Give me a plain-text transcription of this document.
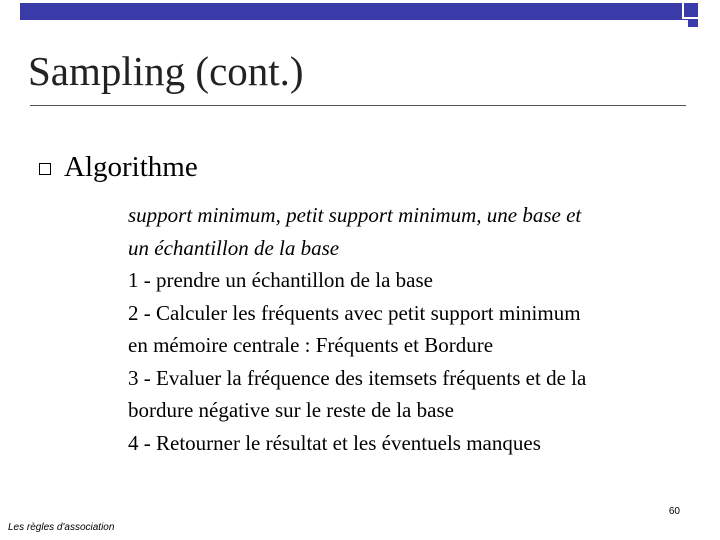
Sampling (cont.)
Algorithme

support minimum, petit support minimum, une base et
un échantillon de la base

1 - prendre un échantillon de la base

2 - Calculer les fréquents avec petit support minimum
en mémoire centrale : Fréquents et Bordure

3 - Evaluer la fréquence des itemsets fréquents et de la
bordure négative sur le reste de la base

4 - Retourner le résultat et les éventuels manques

60
Les règles d'association
